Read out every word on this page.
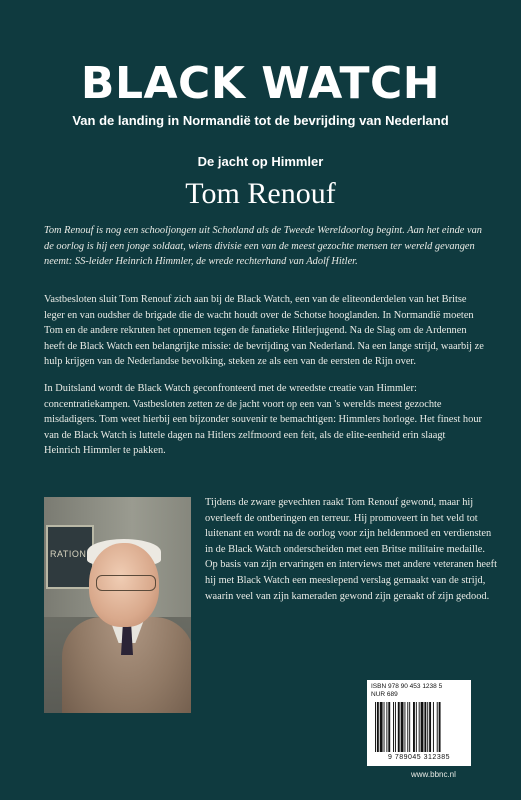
BLACK WATCH
Van de landing in Normandië tot de bevrijding van Nederland
De jacht op Himmler
Tom Renouf

Tom Renouf is nog een schooljongen uit Schotland als de Tweede Wereldoorlog begint. Aan het einde van de oorlog is hij een jonge soldaat, wiens divisie een van de meest gezochte mensen ter wereld gevangen neemt: SS-leider Heinrich Himmler, de wrede rechterhand van Adolf Hitler.

Vastbesloten sluit Tom Renouf zich aan bij de Black Watch, een van de eliteonderdelen van het Britse leger en van oudsher de brigade die de wacht houdt over de Schotse hooglanden. In Normandië moeten Tom en de andere rekruten het opnemen tegen de fanatieke Hitlerjugend. Na de Slag om de Ardennen heeft de Black Watch een belangrijke missie: de bevrijding van Nederland. Na een lange strijd, waarbij ze hulp krijgen van de Nederlandse bevolking, steken ze als een van de eersten de Rijn over.

In Duitsland wordt de Black Watch geconfronteerd met de wreedste creatie van Himmler: concentratiekampen. Vastbesloten zetten ze de jacht voort op een van 's werelds meest gezochte misdadigers. Tom weet hierbij een bijzonder souvenir te bemachtigen: Himmlers horloge. Het finest hour van de Black Watch is luttele dagen na Hitlers zelfmoord een feit, als de elite-eenheid erin slaagt Heinrich Himmler te pakken.

RATION

Tijdens de zware gevechten raakt Tom Renouf gewond, maar hij overleeft de ontberingen en terreur. Hij promoveert in het veld tot luitenant en wordt na de oorlog voor zijn heldenmoed en verdiensten in de Black Watch onderscheiden met een Britse militaire medaille. Op basis van zijn ervaringen en interviews met andere veteranen heeft hij met Black Watch een meeslepend verslag gemaakt van de strijd, waarin veel van zijn kameraden gewond zijn geraakt of zijn gedood.

ISBN 978 90 453 1238 5
NUR 689
9 789045 312385
www.bbnc.nl
